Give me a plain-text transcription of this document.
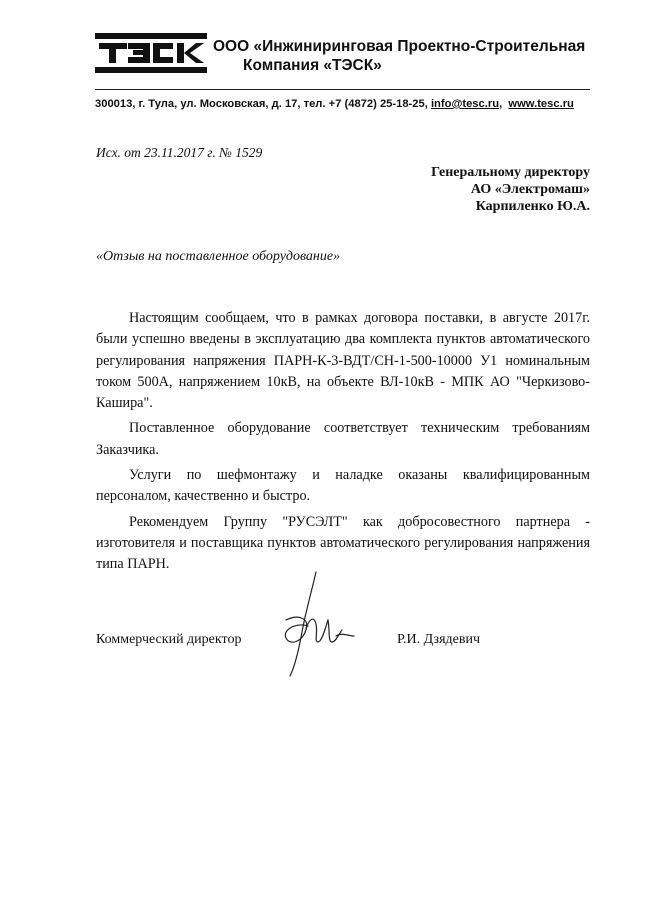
ООО «Инжиниринговая Проектно-Строительная
Компания «ТЭСК»
300013, г. Тула, ул. Московская, д. 17, тел. +7 (4872) 25-18-25, info@tesc.ru,  www.tesc.ru
Исх. от 23.11.2017 г. № 1529
Генеральному директору
АО «Электромаш»
Карпиленко Ю.А.
«Отзыв на поставленное оборудование»

Настоящим сообщаем, что в рамках договора поставки, в августе 2017г. были успешно введены в эксплуатацию два комплекта пунктов автоматического регулирования напряжения ПАРН-К-3-ВДТ/СН-1-500-10000 У1 номинальным током 500А, напряжением 10кВ, на объекте ВЛ-10кВ - МПК АО "Черкизово-Каширa".

Поставленное оборудование соответствует техническим требованиям Заказчика.

Услуги по шефмонтажу и наладке оказаны квалифицированным персоналом, качественно и быстро.

Рекомендуем Группу "РУСЭЛТ" как добросовестного партнера - изготовителя и поставщика пунктов автоматического регулирования напряжения типа ПАРН.

Коммерческий директор	Р.И. Дзядевич
